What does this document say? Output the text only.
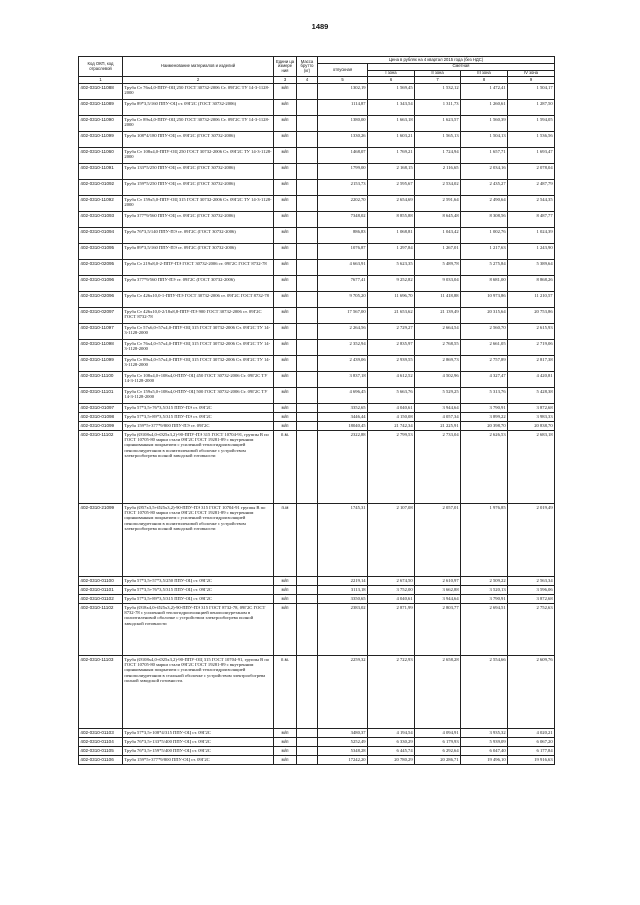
1489
Код ОКП, код отраслевой	Наименование материалов и изделий	Едини ца измере ния	Масса брутто (кг)	Цена в рублях на 4 квартал 2015 года (без НДС)				
				отпускная	Сметная			
					I зона	II зона	III зона	IV зона
1	2	3	4	5	6	7	8	9
402-0310-11088	Труба Ст 76х4,0-ППУ-ОЦ 250 ГОСТ 30732-2006 Ст. 09Г2С ТУ 14-3-1128-2000	м/п		1302,19	1 569,45	1 532,12	1 472,41	1 504,17
402-0310-11089	Труба 89*3,5/160 ППУ-ОЦ ст. 09Г2С (ГОСТ 30732-2006)	м/п		1114,87	1 343,54	1 311,73	1 260,61	1 287,50
402-0310-11090	Труба Ст 89х4,0-ППУ-ОЦ 250 ГОСТ 30732-2006 Ст. 09Г2С ТУ 14-3-1128-2000	м/п		1380,00	1 663,18	1 623,57	1 560,39	1 594,05
402-0310-11099	Труба 108*4/180 ППУ-ОЦ ст. 09Г2С (ГОСТ 30732-2006)	м/п		1330,26	1 603,21	1 565,13	1 504,13	1 536,56
402-0310-11060	Труба Ст 108х4,0-ППУ-ОЦ 250 ГОСТ 30732-2006 Ст. 09Г2С ТУ 14-3-1128-2000	м/п		1468,07	1 769,21	1 724,94	1 657,71	1 693,47
402-0310-11091	Труба 133*5/250 ППУ-ОЦ ст. 09Г2С (ГОСТ 30732-2006)	м/п		1799,00	2 168,15	2 116,65	2 034,16	2 078,04
402-0310-01092	Труба 159*5/250 ППУ-ОЦ ст. 09Г2С (ГОСТ 30732-2006)	м/п		2153,73	2 595,67	2 534,02	2 435,27	2 487,79
402-0310-11092	Труба Ст 159х5,0-ППУ-ОЦ 315 ГОСТ 30732-2006 Ст. 09Г2С ТУ 14-3-1128-2000	м/п		2202,70	2 654,69	2 591,64	2 490,64	2 544,35
402-0310-01093	Труба 377*9/560 ППУ-ОЦ ст. 09Г2С (ГОСТ 30732-2006)	м/п		7348,02	8 855,88	8 645,48	8 308,56	8 487,77
402-0310-01094	Труба 76*3,5/140 ППУ-ПЭ ст. 09Г2С (ГОСТ 30732-2006)	м/п		886,83	1 068,81	1 043,42	1 002,76	1 024,39
402-0310-01095	Труба 89*3,5/160 ППУ-ПЭ ст. 09Г2С (ГОСТ 30732-2006)	м/п		1076,87	1 297,84	1 267,01	1 217,63	1 243,90
402-0310-02095	Труба Ст 219х8,0-2-ППУ-ПЭ ГОСТ 30732-2006 ст. 09Г2С ГОСТ 8732-78	м/п		4 663,91	5 623,35	5 489,78	5 275,84	5 389,64
402-0310-01096	Труба 377*9/560 ППУ-ПЭ ст. 09Г2С (ГОСТ 30732-2006)	м/п		7677,41	9 252,82	9 033,04	8 681,00	8 868,26
402-0310-02096	Труба Ст 426х10,0-1-ППУ-ПЭ ГОСТ 30732-2006 ст. 09Г2С ГОСТ 8732-78	м/п		9 705,20	11 696,70	11 418,88	10 973,86	11 210,57
402-0310-02097	Труба Ст 426х10,0-2/18х8,8-ППУ-ПЭ 900 ГОСТ 30732-2006 ст. 09Г2С ГОСТ 8732-78	м/п		17 567,00	21 653,62	21 139,49	20 315,64	20 753,86
402-0310-11097	Труба Ст 57х6,0+57х4,0-ППУ-ОЦ 315 ГОСТ 30732-2006 Ст. 09Г2С ТУ 14-3-1128-2000	м/п		2 264,56	2 729,27	2 664,54	2 560,70	2 615,93
402-0310-11098	Труба Ст 76х4,0+57х4,0-ППУ-ОЦ 315 ГОСТ 30732-2006 Ст. 09Г2С ТУ 14-3-1128-2000	м/п		2 352,94	2 835,97	2 768,55	2 661,05	2 719,06
402-0310-11099	Труба Ст 89х4,0+57х4,0-ППУ-ОЦ 315 ГОСТ 30732-2006 Ст. 09Г2С ТУ 14-3-1128-2000	м/п		2 439,06	2 939,55	2 869,73	2 757,89	2 817,38
402-0310-11100	Труба Ст 108х4,0+108х4,0-ППУ-ОЦ 450 ГОСТ 30732-2006 Ст. 09Г2С ТУ 14-3-1128-2000	м/п		3 837,18	4 612,52	4 502,96	4 327,47	4 420,81
402-0310-11101	Труба Ст 159х5,0+108х4,0-ППУ-ОЦ 500 ГОСТ 30732-2006 Ст. 09Г2С ТУ 14-3-1128-2000	м/п		4 696,45	5 663,76	5 529,25	5 313,76	5 428,38
402-0310-01097	Труба 57*3,5+76*3,5/315 ППУ-ПЭ ст. 09Г2С	м/п		3352,65	4 040,61	3 944,64	3 790,91	3 872,68
402-0310-01098	Труба 57*3,5+89*3,5/315 ППУ-ПЭ ст. 09Г2С	м/п		3446,44	4 150,08	4 057,34	3 899,22	3 983,33
402-0310-01099	Труба 159*5+377*9/800 ППУ-ПЭ ст. 09Г2С	м/п		18040,45	21 742,34	21 225,91	20 398,70	20 838,70
402-0310-11102	Труба (Ø108х4,0+Ø25х3,2)-90-ППУ-ПЭ 315 ГОСТ 10704-91, группы В по ГОСТ 10705-80 марки стали 09Г2С ГОСТ 19281-89 с внутренним оцинкованным покрытием с усиленной теплогидроизоляцией пенополиуретаном в полиэтиленовой оболочке с устройством электрообогрева полной заводской готовности	п.м.		2322,88	2 799,53	2 733,04	2 626,53	2 683,18
402-0310-21099	Труба (Ø57х3,5+Ø25х3,2)-90-ППУ-ПЭ 315 ГОСТ 10704-91 группы В по ГОСТ 10705-80 марки стали 09Г2С ГОСТ 19281-89 с внутренним оцинкованным покрытием с усиленной теплогидроизоляцией пенополиуретаном в полиэтиленовой оболочке с устройством электрообогрева полной заводской готовности	п.м		1745,31	2 107,08	2 057,01	1 976,85	2 019,49
402-0310-01100	Труба 57*3,5+57*3,5/250 ППУ-ОЦ ст. 09Г2С	м/п		2219,14	2 674,50	2 610,97	2 509,22	2 563,34
402-0310-01101	Труба 57*3,5+76*3,5/315 ППУ-ОЦ ст. 09Г2С	м/п		3113,18	3 752,00	3 662,88	3 520,13	3 596,06
402-0310-01102	Труба 57*3,5+89*3,5/315 ППУ-ОЦ ст. 09Г2С	м/п		3350,65	4 040,61	3 944,64	3 790,91	3 872,68
402-0310-11102	Труба (Ø18х4,0+Ø25х3,2)-90-ППУ-ПЭ 315 ГОСТ 8732-78, 09Г2С ГОСТ 8732-78 с усиленной теплогидроизоляцией пенополиуретаном в полиэтиленовой оболочке с устройством электрообогрева полной заводской готовности	м/п		2383,02	2 871,99	2 803,77	2 694,51	2 752,63
402-0310-11103	Труба (Ø108х4,0+Ø25х3,2)-90-ППУ-ОЦ 315 ГОСТ 10704-91, группы В по ГОСТ 10705-80 марки стали 09Г2С ГОСТ 19281-89 с внутренним оцинкованным покрытием с усиленной теплогидроизоляцией пенополиуретаном в стальной оболочке с устройством электрообогрева полной заводской готовности.	п.м.		2259,32	2 722,93	2 658,28	2 554,66	2 609,76
402-0310-01103	Труба 57*3,5+108*4/315 ППУ-ОЦ ст. 09Г2С	м/п		3480,37	4 194,54	4 094,91	3 935,32	4 020,21
402-0310-01104	Труба 76*3,5+133*5/400 ППУ-ОЦ ст. 09Г2С	м/п		5252,49	6 330,29	6 179,93	5 939,09	6 067,20
402-0310-01105	Труба 76*3,5+159*5/400 ППУ-ОЦ ст. 09Г2С	м/п		5348,28	6 445,74	6 292,64	6 047,40	6 177,84
402-0310-01106	Труба 159*5+377*9/800 ППУ-ОЦ ст. 09Г2С	м/п		17242,20	20 780,29	20 286,71	19 496,10	19 916,63
